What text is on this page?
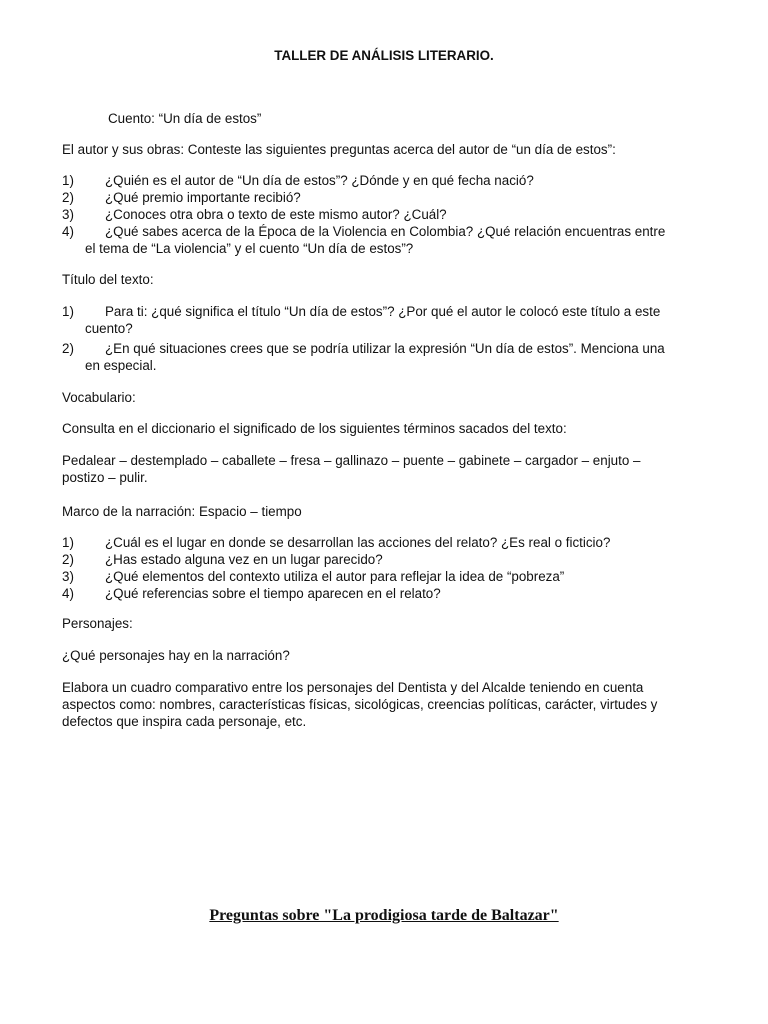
TALLER DE ANÁLISIS LITERARIO.
Cuento: “Un día de estos”
El autor y sus obras: Conteste las siguientes preguntas acerca del autor de “un día de estos”:
1) ¿Quién es el autor de “Un día de estos”? ¿Dónde y en qué fecha nació?
2) ¿Qué premio importante recibió?
3) ¿Conoces otra obra o texto de este mismo autor? ¿Cuál?
4) ¿Qué sabes acerca de la Época de la Violencia en Colombia? ¿Qué relación encuentras entre el tema de “La violencia” y el cuento “Un día de estos”?
Título del texto:
1) Para ti: ¿qué significa el título “Un día de estos”? ¿Por qué el autor le colocó este título a este cuento?
2) ¿En qué situaciones crees que se podría utilizar la expresión “Un día de estos”. Menciona una en especial.
Vocabulario:
Consulta en el diccionario el significado de los siguientes términos sacados del texto:
Pedalear – destemplado – caballete – fresa – gallinazo – puente – gabinete – cargador – enjuto – postizo – pulir.
Marco de la narración: Espacio – tiempo
1) ¿Cuál es el lugar en donde se desarrollan las acciones del relato? ¿Es real o ficticio?
2) ¿Has estado alguna vez en un lugar parecido?
3) ¿Qué elementos del contexto utiliza el autor para reflejar la idea de “pobreza”
4) ¿Qué referencias sobre el tiempo aparecen en el relato?
Personajes:
¿Qué personajes hay en la narración?
Elabora un cuadro comparativo entre los personajes del Dentista y del Alcalde teniendo en cuenta aspectos como: nombres, características físicas, sicológicas, creencias políticas, carácter, virtudes y defectos que inspira cada personaje, etc.
Preguntas sobre "La prodigiosa tarde de Baltazar"
